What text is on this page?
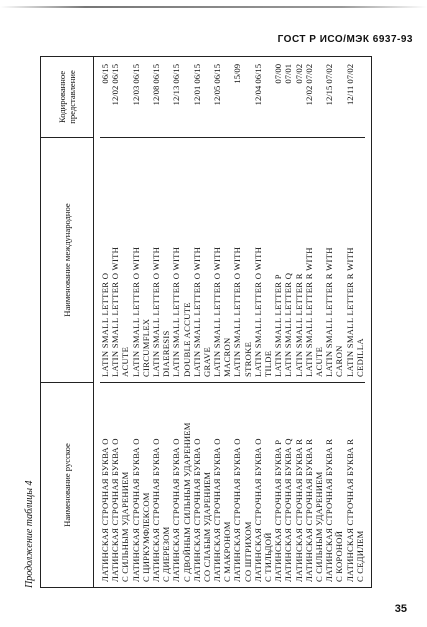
ГОСТ Р ИСО/МЭК 6937-93
Продолжение таблицы 4	Наименование русское
Наименование международное
Кодированное представление
ЛАТИНСКАЯ СТРОЧНАЯ БУКВА O ЛАТИНСКАЯ СТРОЧНАЯ БУКВА O С СИЛЬНЫМ УДАРЕНИЕМ ЛАТИНСКАЯ СТРОЧНАЯ БУКВА O С ЦИРКУМФЛЕКСОМ ЛАТИНСКАЯ СТРОЧНАЯ БУКВА O С ДИЕРЕЗОМ ЛАТИНСКАЯ СТРОЧНАЯ БУКВА O С ДВОЙНЫМ СИЛЬНЫМ УДАРЕНИЕМ ЛАТИНСКАЯ СТРОЧНАЯ БУКВА O СО СЛАБЫМ УДАРЕНИЕМ ЛАТИНСКАЯ СТРОЧНАЯ БУКВА O С МАКРОНОМ ЛАТИНСКАЯ СТРОЧНАЯ БУКВА O СО ШТРИХОМ ЛАТИНСКАЯ СТРОЧНАЯ БУКВА O С ТИЛЬДОЙ ЛАТИНСКАЯ СТРОЧНАЯ БУКВА P ЛАТИНСКАЯ СТРОЧНАЯ БУКВА Q ЛАТИНСКАЯ СТРОЧНАЯ БУКВА R ЛАТИНСКАЯ СТРОЧНАЯ БУКВА R С СИЛЬНЫМ УДАРЕНИЕМ ЛАТИНСКАЯ СТРОЧНАЯ БУКВА R С КОРОНОЙ ЛАТИНСКАЯ СТРОЧНАЯ БУКВА R С СЕДИЛЕМ
LATIN SMALL LETTER O LATIN SMALL LETTER O WITH ACUTE LATIN SMALL LETTER O WITH CIRCUMFLEX LATIN SMALL LETTER O WITH DIAERESIS LATIN SMALL LETTER O WITH DOUBLE ACCUTE LATIN SMALL LETTER O WITH GRAVE LATIN SMALL LETTER O WITH MACRON LATIN SMALL LETTER O WITH STROKE LATIN SMALL LETTER O WITH TILDE LATIN SMALL LETTER P LATIN SMALL LETTER Q LATIN SMALL LETTER R LATIN SMALL LETTER R WITH ACUTE LATIN SMALL LETTER R WITH CARON LATIN SMALL LETTER R WITH CEDILLA
06/15 12/02 06/15 12/03 06/15 12/08 06/15 12/13 06/15 12/01 06/15 12/05 06/15 15/09 12/04 06/15 07/00 07/01 07/02 12/02 07/02 12/15 07/02 12/11 07/02
35
